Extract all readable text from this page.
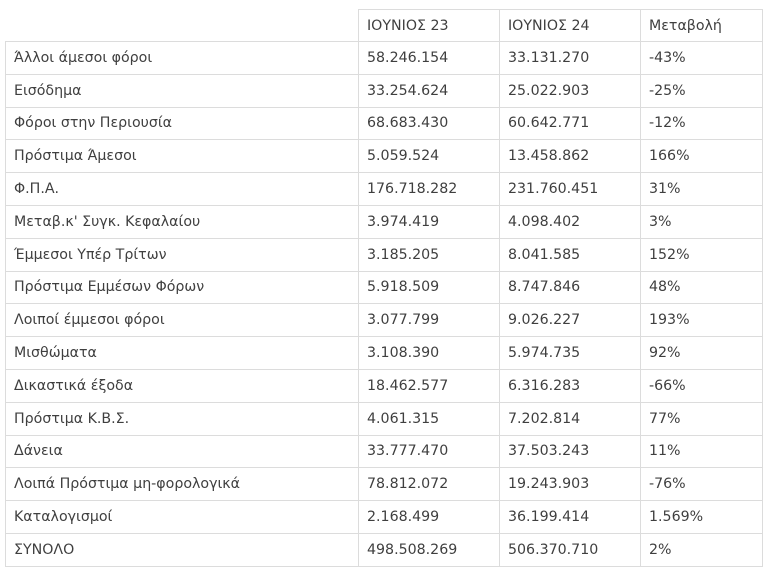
	ΙΟΥΝΙΟΣ 23	ΙΟΥΝΙΟΣ 24	Μεταβολή
Άλλοι άμεσοι φόροι	58.246.154	33.131.270	-43%
Εισόδημα	33.254.624	25.022.903	-25%
Φόροι στην Περιουσία	68.683.430	60.642.771	-12%
Πρόστιμα Άμεσοι	5.059.524	13.458.862	166%
Φ.Π.Α.	176.718.282	231.760.451	31%
Μεταβ.κ' Συγκ. Κεφαλαίου	3.974.419	4.098.402	3%
Έμμεσοι Υπέρ Τρίτων	3.185.205	8.041.585	152%
Πρόστιμα Εμμέσων Φόρων	5.918.509	8.747.846	48%
Λοιποί έμμεσοι φόροι	3.077.799	9.026.227	193%
Μισθώματα	3.108.390	5.974.735	92%
Δικαστικά έξοδα	18.462.577	6.316.283	-66%
Πρόστιμα Κ.Β.Σ.	4.061.315	7.202.814	77%
Δάνεια	33.777.470	37.503.243	11%
Λοιπά Πρόστιμα μη-φορολογικά	78.812.072	19.243.903	-76%
Καταλογισμοί	2.168.499	36.199.414	1.569%
ΣΥΝΟΛΟ	498.508.269	506.370.710	2%
